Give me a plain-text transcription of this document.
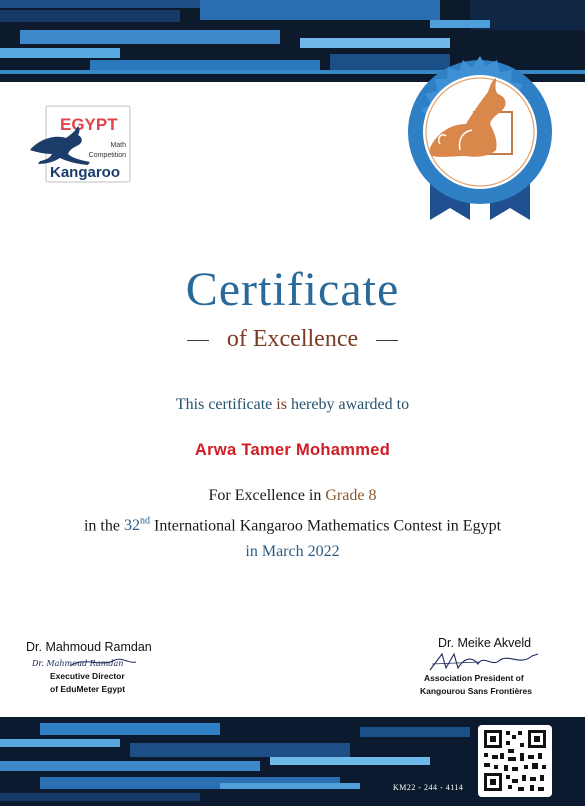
EGYPT
Math
Competition
Kangaroo
Certificate
of Excellence
This certificate is hereby awarded to
Arwa Tamer Mohammed
For Excellence in Grade 8
in the 32nd International Kangaroo Mathematics Contest in Egypt
in March 2022
Dr. Mahmoud Ramdan
Dr. Mahmoud Ramdan
Executive Director
of EduMeter Egypt
Dr. Meike Akveld
Association President of
Kangourou Sans Frontières
KM22 - 244 - 4114
